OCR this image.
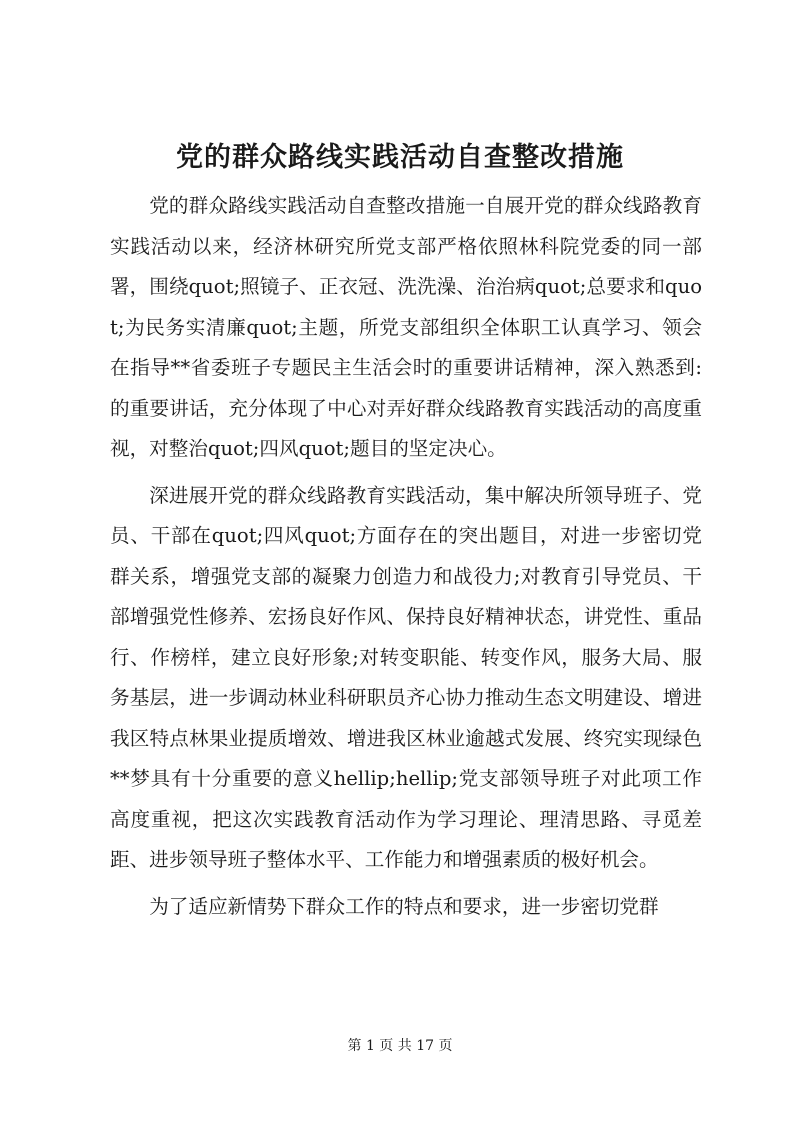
党的群众路线实践活动自查整改措施

党的群众路线实践活动自查整改措施一自展开党的群众线路教育实践活动以来，经济林研究所党支部严格依照林科院党委的同一部署，围绕quot;照镜子、正衣冠、洗洗澡、治治病quot;总要求和quot;为民务实清廉quot;主题，所党支部组织全体职工认真学习、领会在指导**省委班子专题民主生活会时的重要讲话精神，深入熟悉到:的重要讲话，充分体现了中心对弄好群众线路教育实践活动的高度重视，对整治quot;四风quot;题目的坚定决心。

深进展开党的群众线路教育实践活动，集中解决所领导班子、党员、干部在quot;四风quot;方面存在的突出题目，对进一步密切党群关系，增强党支部的凝聚力创造力和战役力;对教育引导党员、干部增强党性修养、宏扬良好作风、保持良好精神状态，讲党性、重品行、作榜样，建立良好形象;对转变职能、转变作风，服务大局、服务基层，进一步调动林业科研职员齐心协力推动生态文明建设、增进我区特点林果业提质增效、增进我区林业逾越式发展、终究实现绿色**梦具有十分重要的意义hellip;hellip;党支部领导班子对此项工作高度重视，把这次实践教育活动作为学习理论、理清思路、寻觅差距、进步领导班子整体水平、工作能力和增强素质的极好机会。

为了适应新情势下群众工作的特点和要求，进一步密切党群

第 1 页 共 17 页
